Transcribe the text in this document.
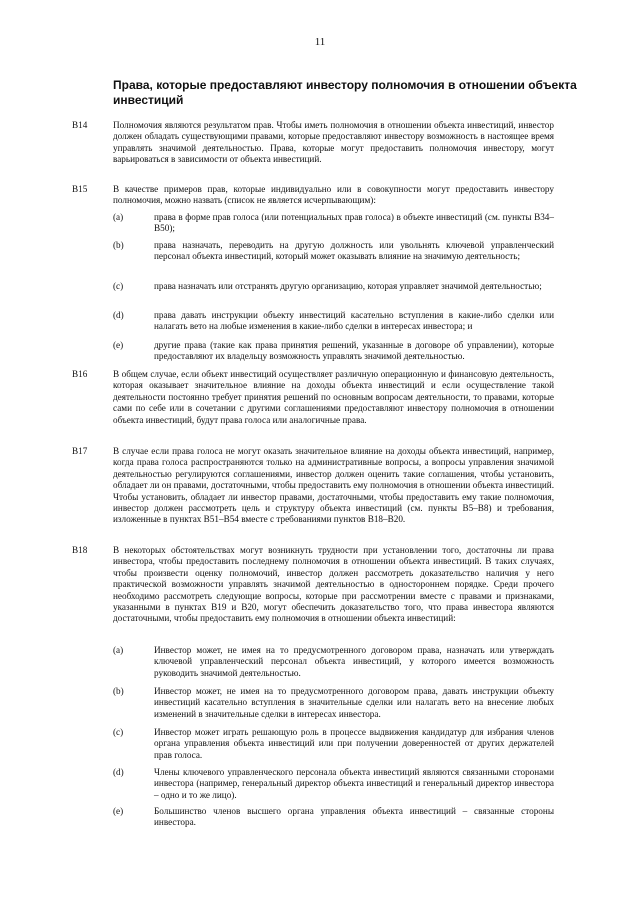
11
Права, которые предоставляют инвестору полномочия в отношении объекта инвестиций
B14	Полномочия являются результатом прав. Чтобы иметь полномочия в отношении объекта инвестиций, инвестор должен обладать существующими правами, которые предоставляют инвестору возможность в настоящее время управлять значимой деятельностью. Права, которые могут предоставить полномочия инвестору, могут варьироваться в зависимости от объекта инвестиций.
B15	В качестве примеров прав, которые индивидуально или в совокупности могут предоставить инвестору полномочия, можно назвать (список не является исчерпывающим):
(a)	права в форме прав голоса (или потенциальных прав голоса) в объекте инвестиций (см. пункты B34–B50);
(b)	права назначать, переводить на другую должность или увольнять ключевой управленческий персонал объекта инвестиций, который может оказывать влияние на значимую деятельность;
(c)	права назначать или отстранять другую организацию, которая управляет значимой деятельностью;
(d)	права давать инструкции объекту инвестиций касательно вступления в какие-либо сделки или налагать вето на любые изменения в какие-либо сделки в интересах инвестора; и
(e)	другие права (такие как права принятия решений, указанные в договоре об управлении), которые предоставляют их владельцу возможность управлять значимой деятельностью.
B16	В общем случае, если объект инвестиций осуществляет различную операционную и финансовую деятельность, которая оказывает значительное влияние на доходы объекта инвестиций и если осуществление такой деятельности постоянно требует принятия решений по основным вопросам деятельности, то правами, которые сами по себе или в сочетании с другими соглашениями предоставляют инвестору полномочия в отношении объекта инвестиций, будут права голоса или аналогичные права.
B17	В случае если права голоса не могут оказать значительное влияние на доходы объекта инвестиций, например, когда права голоса распространяются только на административные вопросы, а вопросы управления значимой деятельностью регулируются соглашениями, инвестор должен оценить такие соглашения, чтобы установить, обладает ли он правами, достаточными, чтобы предоставить ему полномочия в отношении объекта инвестиций. Чтобы установить, обладает ли инвестор правами, достаточными, чтобы предоставить ему такие полномочия, инвестор должен рассмотреть цель и структуру объекта инвестиций (см. пункты B5–B8) и требования, изложенные в пунктах B51–B54 вместе с требованиями пунктов B18–B20.
B18	В некоторых обстоятельствах могут возникнуть трудности при установлении того, достаточны ли права инвестора, чтобы предоставить последнему полномочия в отношении объекта инвестиций. В таких случаях, чтобы произвести оценку полномочий, инвестор должен рассмотреть доказательство наличия у него практической возможности управлять значимой деятельностью в одностороннем порядке. Среди прочего необходимо рассмотреть следующие вопросы, которые при рассмотрении вместе с правами и признаками, указанными в пунктах B19 и B20, могут обеспечить доказательство того, что права инвестора являются достаточными, чтобы предоставить ему полномочия в отношении объекта инвестиций:
(a)	Инвестор может, не имея на то предусмотренного договором права, назначать или утверждать ключевой управленческий персонал объекта инвестиций, у которого имеется возможность руководить значимой деятельностью.
(b)	Инвестор может, не имея на то предусмотренного договором права, давать инструкции объекту инвестиций касательно вступления в значительные сделки или налагать вето на внесение любых изменений в значительные сделки в интересах инвестора.
(c)	Инвестор может играть решающую роль в процессе выдвижения кандидатур для избрания членов органа управления объекта инвестиций или при получении доверенностей от других держателей прав голоса.
(d)	Члены ключевого управленческого персонала объекта инвестиций являются связанными сторонами инвестора (например, генеральный директор объекта инвестиций и генеральный директор инвестора – одно и то же лицо).
(e)	Большинство членов высшего органа управления объекта инвестиций – связанные стороны инвестора.
